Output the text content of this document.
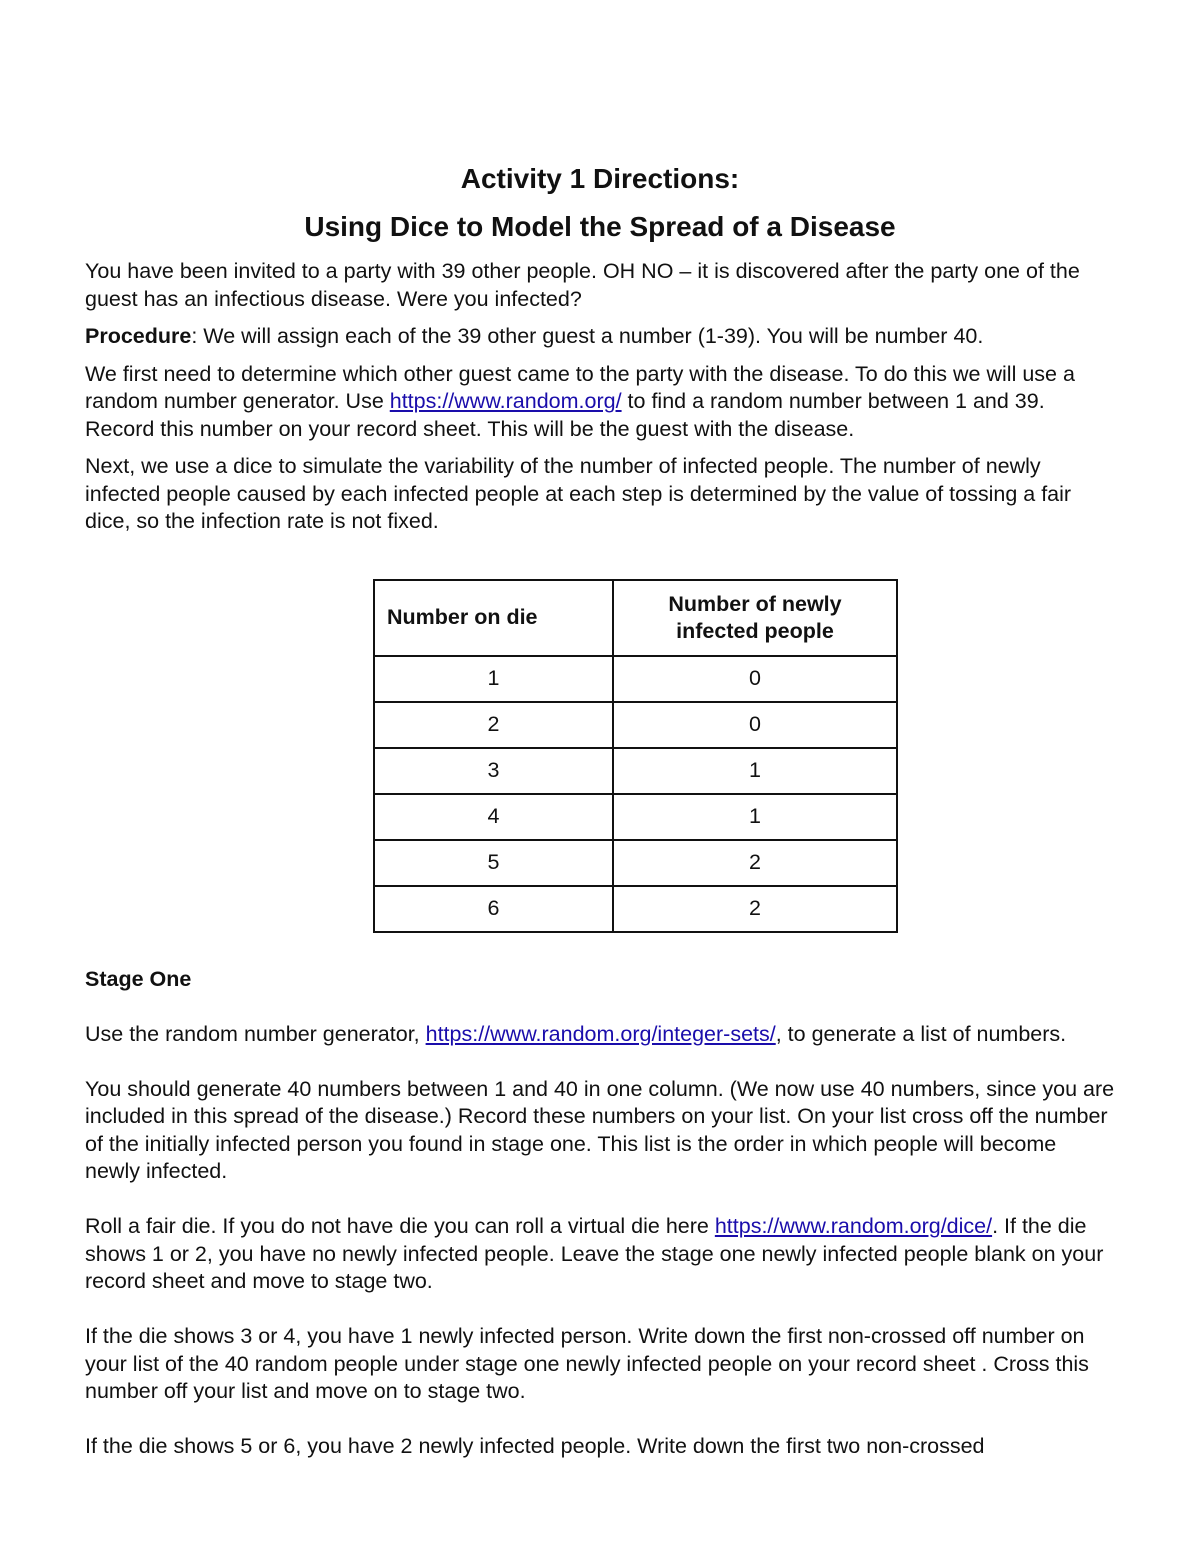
Activity 1 Directions:
Using Dice to Model the Spread of a Disease

You have been invited to a party with 39 other people. OH NO – it is discovered after the party one of the guest has an infectious disease. Were you infected?

Procedure: We will assign each of the 39 other guest a number (1-39). You will be number 40.

We first need to determine which other guest came to the party with the disease. To do this we will use a random number generator. Use https://www.random.org/ to find a random number between 1 and 39. Record this number on your record sheet. This will be the guest with the disease.

Next, we use a dice to simulate the variability of the number of infected people. The number of newly infected people caused by each infected people at each step is determined by the value of tossing a fair dice, so the infection rate is not fixed.

Number on die	Number of newly infected people
1	0
2	0
3	1
4	1
5	2
6	2

Stage One

Use the random number generator, https://www.random.org/integer-sets/, to generate a list of numbers.

You should generate 40 numbers between 1 and 40 in one column. (We now use 40 numbers, since you are included in this spread of the disease.) Record these numbers on your list. On your list cross off the number of the initially infected person you found in stage one. This list is the order in which people will become newly infected.

Roll a fair die. If you do not have die you can roll a virtual die here https://www.random.org/dice/. If the die shows 1 or 2, you have no newly infected people. Leave the stage one newly infected people blank on your record sheet and move to stage two.

If the die shows 3 or 4, you have 1 newly infected person. Write down the first non-crossed off number on your list of the 40 random people under stage one newly infected people on your record sheet . Cross this number off your list and move on to stage two.

If the die shows 5 or 6, you have 2 newly infected people. Write down the first two non-crossed
